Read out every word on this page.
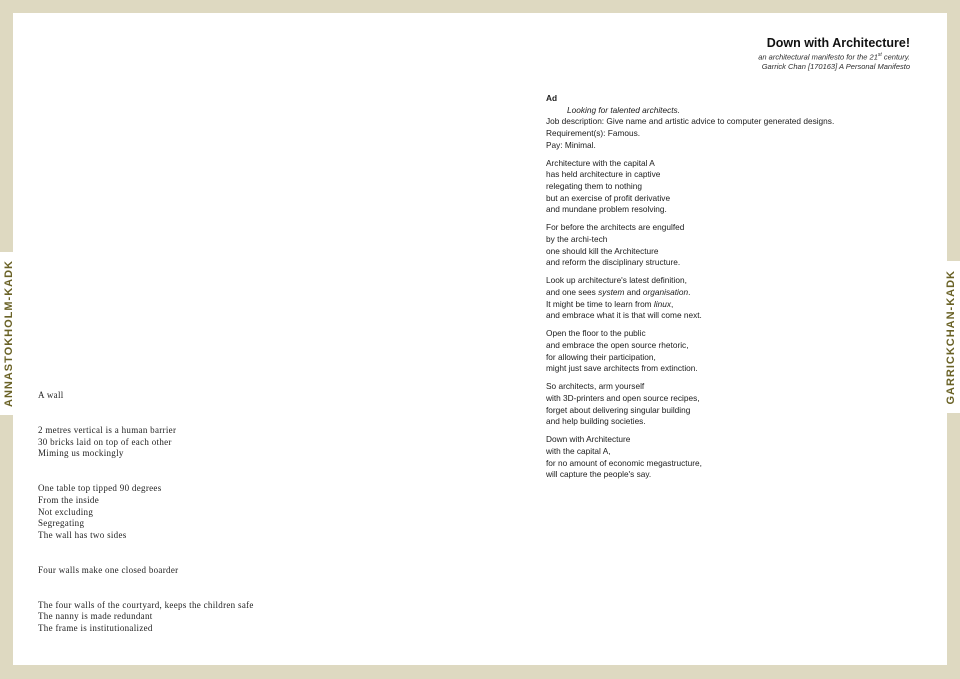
ANNASTOKHOLM-KADK	GARRICKCHAN-KADK
Down with Architecture!
an architectural manifesto for the 21st century.
Garrick Chan [170163] A Personal Manifesto
A wall
2 metres vertical is a human barrier
30 bricks laid on top of each other
Miming us mockingly
One table top tipped 90 degrees
From the inside
Not excluding
Segregating
The wall has two sides
Four walls make one closed boarder
The four walls of the courtyard, keeps the children safe
The nanny is made redundant
The frame is institutionalized
Ad
Looking for talented architects.
Job description: Give name and artistic advice to computer generated designs.
Requirement(s): Famous.
Pay: Minimal.
Architecture with the capital A
has held architecture in captive
relegating them to nothing
but an exercise of profit derivative
and mundane problem resolving.
For before the architects are engulfed
by the archi-tech
one should kill the Architecture
and reform the disciplinary structure.
Look up architecture's latest definition,
and one sees system and organisation.
It might be time to learn from linux,
and embrace what it is that will come next.
Open the floor to the public
and embrace the open source rhetoric,
for allowing their participation,
might just save architects from extinction.
So architects, arm yourself
with 3D-printers and open source recipes,
forget about delivering singular building
and help building societies.
Down with Architecture
with the capital A,
for no amount of economic megastructure,
will capture the people's say.
